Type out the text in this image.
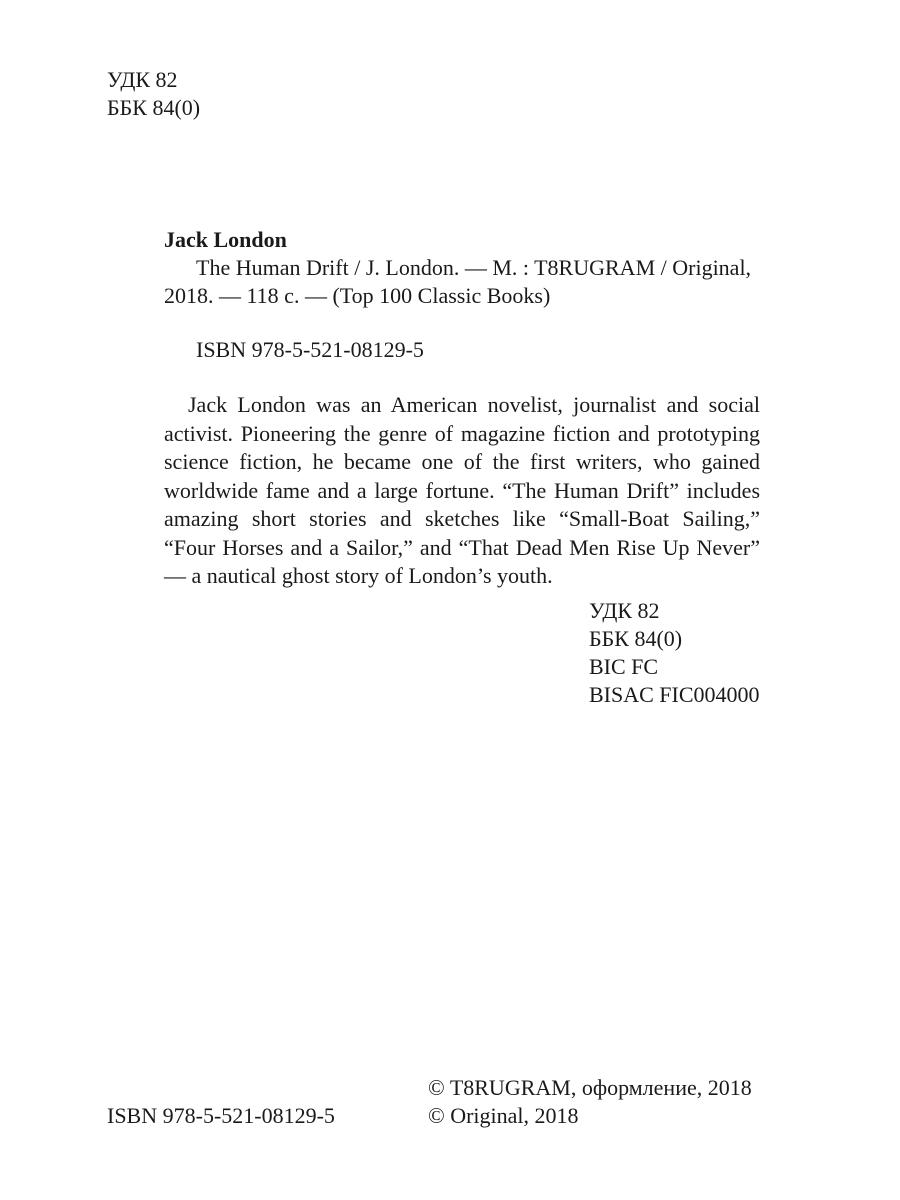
УДК 82
ББК 84(0)

Jack London

The Human Drift / J. London. — M. : T8RUGRAM / Original, 2018. — 118 с. — (Top 100 Classic Books)

ISBN 978-5-521-08129-5

Jack London was an American novelist, journalist and social activist. Pioneering the genre of magazine fiction and prototyping science fiction, he became one of the first writers, who gained worldwide fame and a large fortune. “The Human Drift” includes amazing short stories and sketches like “Small-Boat Sailing,” “Four Horses and a Sailor,” and “That Dead Men Rise Up Never” — a nautical ghost story of London’s youth.

УДК 82
ББК 84(0)
BIC FC
BISAC FIC004000
ISBN 978-5-521-08129-5
© T8RUGRAM, оформление, 2018
© Original, 2018
